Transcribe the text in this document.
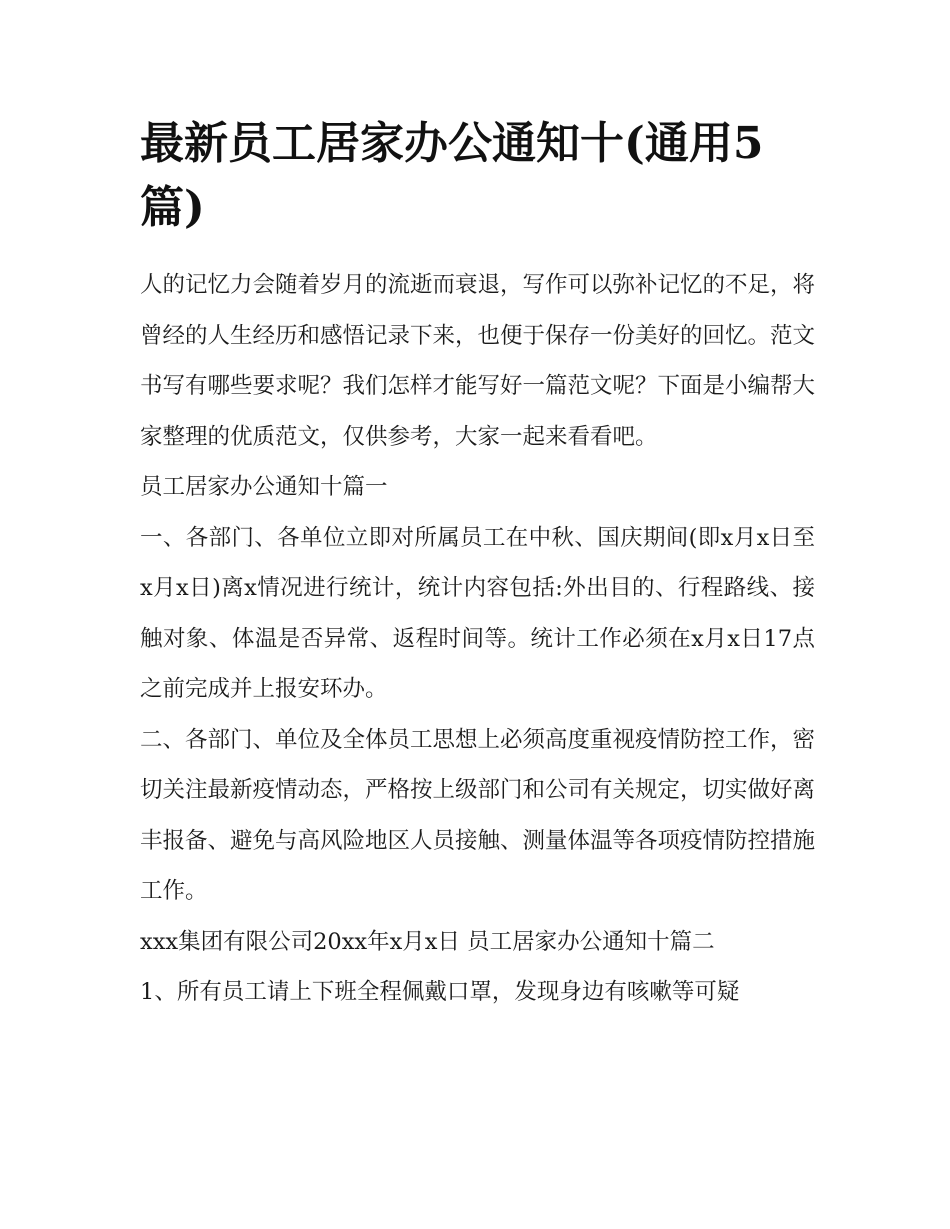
最新员工居家办公通知十(通用5篇)

人的记忆力会随着岁月的流逝而衰退，写作可以弥补记忆的不足，将曾经的人生经历和感悟记录下来，也便于保存一份美好的回忆。范文书写有哪些要求呢？我们怎样才能写好一篇范文呢？下面是小编帮大家整理的优质范文，仅供参考，大家一起来看看吧。

员工居家办公通知十篇一

一、各部门、各单位立即对所属员工在中秋、国庆期间(即x月x日至x月x日)离x情况进行统计，统计内容包括:外出目的、行程路线、接触对象、体温是否异常、返程时间等。统计工作必须在x月x日17点之前完成并上报安环办。

二、各部门、单位及全体员工思想上必须高度重视疫情防控工作，密切关注最新疫情动态，严格按上级部门和公司有关规定，切实做好离丰报备、避免与高风险地区人员接触、测量体温等各项疫情防控措施工作。

xxx集团有限公司20xx年x月x日 员工居家办公通知十篇二

1、所有员工请上下班全程佩戴口罩，发现身边有咳嗽等可疑
